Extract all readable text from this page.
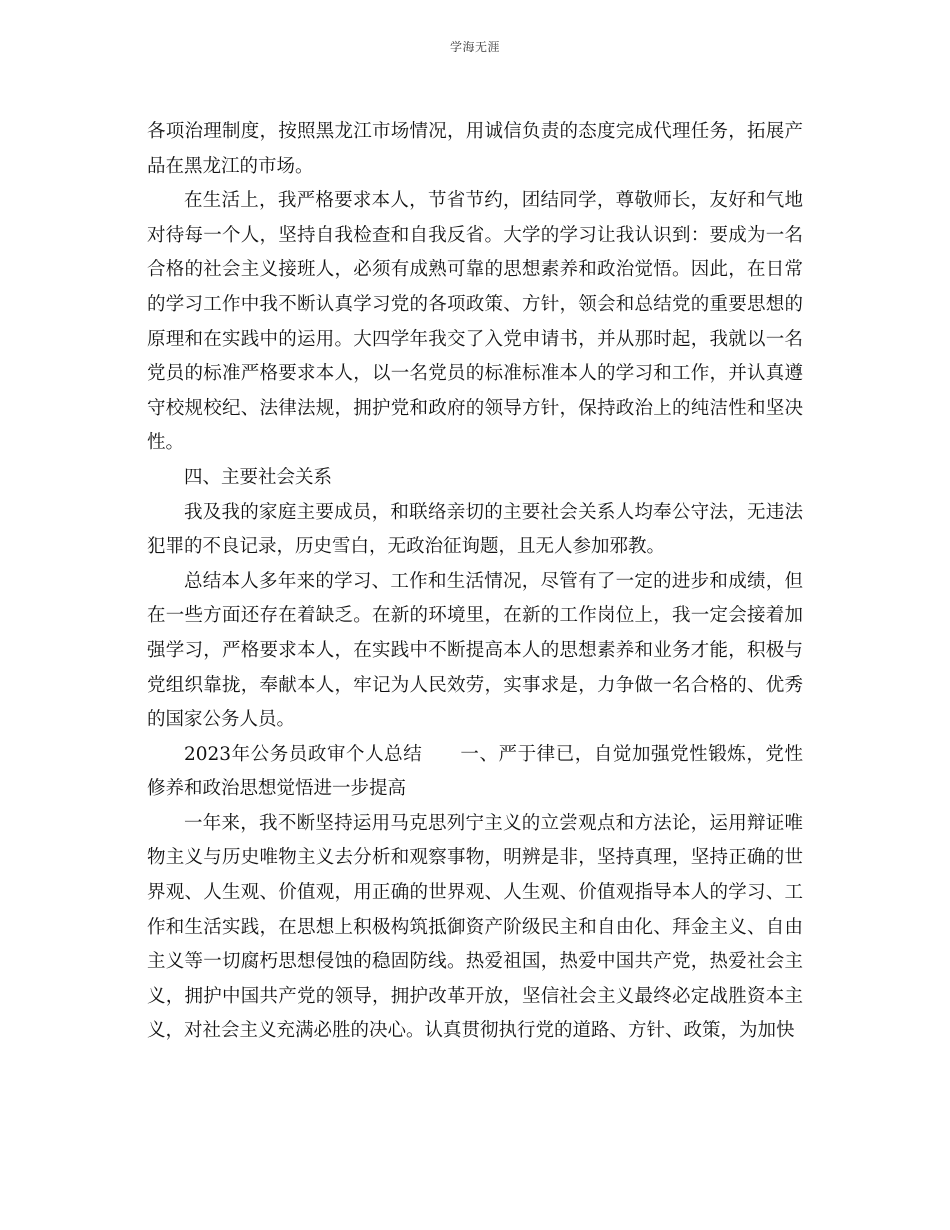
学海无涯

各项治理制度，按照黑龙江市场情况，用诚信负责的态度完成代理任务，拓展产品在黑龙江的市场。

在生活上，我严格要求本人，节省节约，团结同学，尊敬师长，友好和气地对待每一个人，坚持自我检查和自我反省。大学的学习让我认识到：要成为一名合格的社会主义接班人，必须有成熟可靠的思想素养和政治觉悟。因此，在日常的学习工作中我不断认真学习党的各项政策、方针，领会和总结党的重要思想的原理和在实践中的运用。大四学年我交了入党申请书，并从那时起，我就以一名党员的标准严格要求本人，以一名党员的标准标准本人的学习和工作，并认真遵守校规校纪、法律法规，拥护党和政府的领导方针，保持政治上的纯洁性和坚决性。

四、主要社会关系

我及我的家庭主要成员，和联络亲切的主要社会关系人均奉公守法，无违法犯罪的不良记录，历史雪白，无政治征询题，且无人参加邪教。

总结本人多年来的学习、工作和生活情况，尽管有了一定的进步和成绩，但在一些方面还存在着缺乏。在新的环境里，在新的工作岗位上，我一定会接着加强学习，严格要求本人，在实践中不断提高本人的思想素养和业务才能，积极与党组织靠拢，奉献本人，牢记为人民效劳，实事求是，力争做一名合格的、优秀的国家公务人员。

2023年公务员政审个人总结　　一、严于律已，自觉加强党性锻炼，党性修养和政治思想觉悟进一步提高

一年来，我不断坚持运用马克思列宁主义的立尝观点和方法论，运用辩证唯物主义与历史唯物主义去分析和观察事物，明辨是非，坚持真理，坚持正确的世界观、人生观、价值观，用正确的世界观、人生观、价值观指导本人的学习、工作和生活实践，在思想上积极构筑抵御资产阶级民主和自由化、拜金主义、自由主义等一切腐朽思想侵蚀的稳固防线。热爱祖国，热爱中国共产党，热爱社会主义，拥护中国共产党的领导，拥护改革开放，坚信社会主义最终必定战胜资本主义，对社会主义充满必胜的决心。认真贯彻执行党的道路、方针、政策，为加快
